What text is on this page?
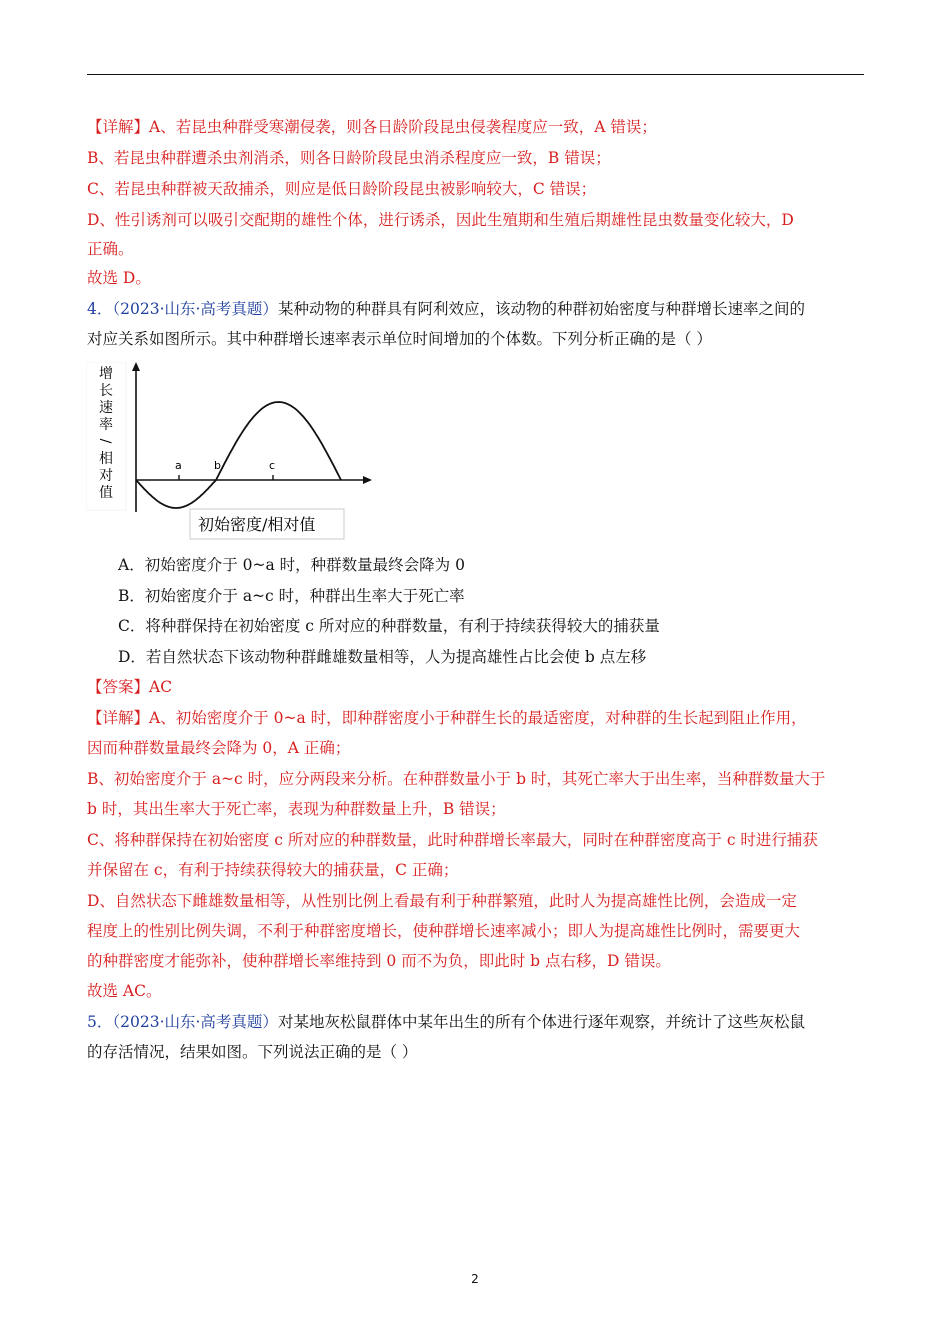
【详解】A、若昆虫种群受寒潮侵袭，则各日龄阶段昆虫侵袭程度应一致，A 错误；
B、若昆虫种群遭杀虫剂消杀，则各日龄阶段昆虫消杀程度应一致，B 错误；
C、若昆虫种群被天敌捕杀，则应是低日龄阶段昆虫被影响较大，C 错误；
D、性引诱剂可以吸引交配期的雄性个体，进行诱杀，因此生殖期和生殖后期雄性昆虫数量变化较大，D
正确。
故选 D。
4．（2023·山东·高考真题）某种动物的种群具有阿利效应，该动物的种群初始密度与种群增长速率之间的
对应关系如图所示。其中种群增长速率表示单位时间增加的个体数。下列分析正确的是（ ）
增
长
速
率
/
相
对
值
a	b	c
初始密度/相对值
A．初始密度介于 0~a 时，种群数量最终会降为 0
B．初始密度介于 a~c 时，种群出生率大于死亡率
C．将种群保持在初始密度 c 所对应的种群数量，有利于持续获得较大的捕获量
D．若自然状态下该动物种群雌雄数量相等，人为提高雄性占比会使 b 点左移
【答案】AC
【详解】A、初始密度介于 0~a 时，即种群密度小于种群生长的最适密度，对种群的生长起到阻止作用，
因而种群数量最终会降为 0，A 正确；
B、初始密度介于 a~c 时，应分两段来分析。在种群数量小于 b 时，其死亡率大于出生率，当种群数量大于
b 时，其出生率大于死亡率，表现为种群数量上升，B 错误；
C、将种群保持在初始密度 c 所对应的种群数量，此时种群增长率最大，同时在种群密度高于 c 时进行捕获
并保留在 c，有利于持续获得较大的捕获量，C 正确；
D、自然状态下雌雄数量相等，从性别比例上看最有利于种群繁殖，此时人为提高雄性比例，会造成一定
程度上的性别比例失调，不利于种群密度增长，使种群增长速率减小；即人为提高雄性比例时，需要更大
的种群密度才能弥补，使种群增长率维持到 0 而不为负，即此时 b 点右移，D 错误。
故选 AC。
5．（2023·山东·高考真题）对某地灰松鼠群体中某年出生的所有个体进行逐年观察，并统计了这些灰松鼠
的存活情况，结果如图。下列说法正确的是（ ）
2
